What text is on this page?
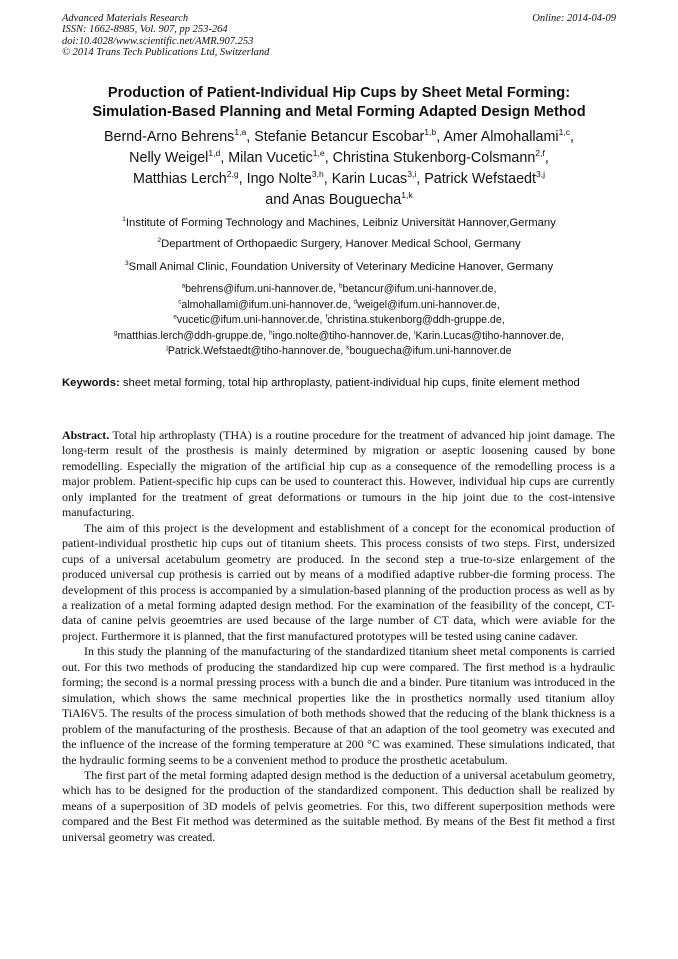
Advanced Materials Research
ISSN: 1662-8985, Vol. 907, pp 253-264
doi:10.4028/www.scientific.net/AMR.907.253
© 2014 Trans Tech Publications Ltd, Switzerland
Online: 2014-04-09
Production of Patient-Individual Hip Cups by Sheet Metal Forming:
Simulation-Based Planning and Metal Forming Adapted Design Method
Bernd-Arno Behrens$^{1,a}$, Stefanie Betancur Escobar$^{1,b}$, Amer Almohallami$^{1,c}$,
Nelly Weigel$^{1,d}$, Milan Vucetic$^{1,e}$, Christina Stukenborg-Colsmann$^{2,f}$,
Matthias Lerch$^{2,g}$, Ingo Nolte$^{3,h}$, Karin Lucas$^{3,i}$, Patrick Wefstaedt$^{3,j}$
and Anas Bouguecha$^{1,k}$
$^1$Institute of Forming Technology and Machines, Leibniz Universität Hannover,Germany
$^2$Department of Orthopaedic Surgery, Hanover Medical School, Germany
$^3$Small Animal Clinic, Foundation University of Veterinary Medicine Hanover, Germany
$^a$behrens@ifum.uni-hannover.de, $^b$betancur@ifum.uni-hannover.de,
$^c$almohallami@ifum.uni-hannover.de, $^d$weigel@ifum.uni-hannover.de,
$^e$vucetic@ifum.uni-hannover.de, $^f$christina.stukenborg@ddh-gruppe.de,
$^g$matthias.lerch@ddh-gruppe.de, $^h$ingo.nolte@tiho-hannover.de, $^i$Karin.Lucas@tiho-hannover.de,
$^j$Patrick.Wefstaedt@tiho-hannover.de, $^k$bouguecha@ifum.uni-hannover.de
Keywords: sheet metal forming, total hip arthroplasty, patient-individual hip cups, finite element method

Abstract. Total hip arthroplasty (THA) is a routine procedure for the treatment of advanced hip joint damage. The long-term result of the prosthesis is mainly determined by migration or aseptic loosening caused by bone remodelling. Especially the migration of the artificial hip cup as a consequence of the remodelling process is a major problem. Patient-specific hip cups can be used to counteract this. However, individual hip cups are currently only implanted for the treatment of great deformations or tumours in the hip joint due to the cost-intensive manufacturing.

The aim of this project is the development and establishment of a concept for the economical production of patient-individual prosthetic hip cups out of titanium sheets. This process consists of two steps. First, undersized cups of a universal acetabulum geometry are produced. In the second step a true-to-size enlargement of the produced universal cup prothesis is carried out by means of a modified adaptive rubber-die forming process. The development of this process is accompanied by a simulation-based planning of the production process as well as by a realization of a metal forming adapted design method. For the examination of the feasibility of the concept, CT-data of canine pelvis geoemtries are used because of the large number of CT data, which were aviable for the project. Furthermore it is planned, that the first manufactured prototypes will be tested using canine cadaver.

In this study the planning of the manufacturing of the standardized titanium sheet metal components is carried out. For this two methods of producing the standardized hip cup were compared. The first method is a hydraulic forming; the second is a normal pressing process with a bunch die and a binder. Pure titanium was introduced in the simulation, which shows the same mechnical properties like the in prosthetics normally used titanium alloy TiAl6V5. The results of the process simulation of both methods showed that the reducing of the blank thickness is a problem of the manufacturing of the prosthesis. Because of that an adaption of the tool geometry was executed and the influence of the increase of the forming temperature at 200 °C was examined. These simulations indicated, that the hydraulic forming seems to be a convenient method to produce the prosthetic acetabulum.

The first part of the metal forming adapted design method is the deduction of a universal acetabulum geometry, which has to be designed for the production of the standardized component. This deduction shall be realized by means of a superposition of 3D models of pelvis geometries. For this, two different superposition methods were compared and the Best Fit method was determined as the suitable method. By means of the Best fit method a first universal geometry was created.
